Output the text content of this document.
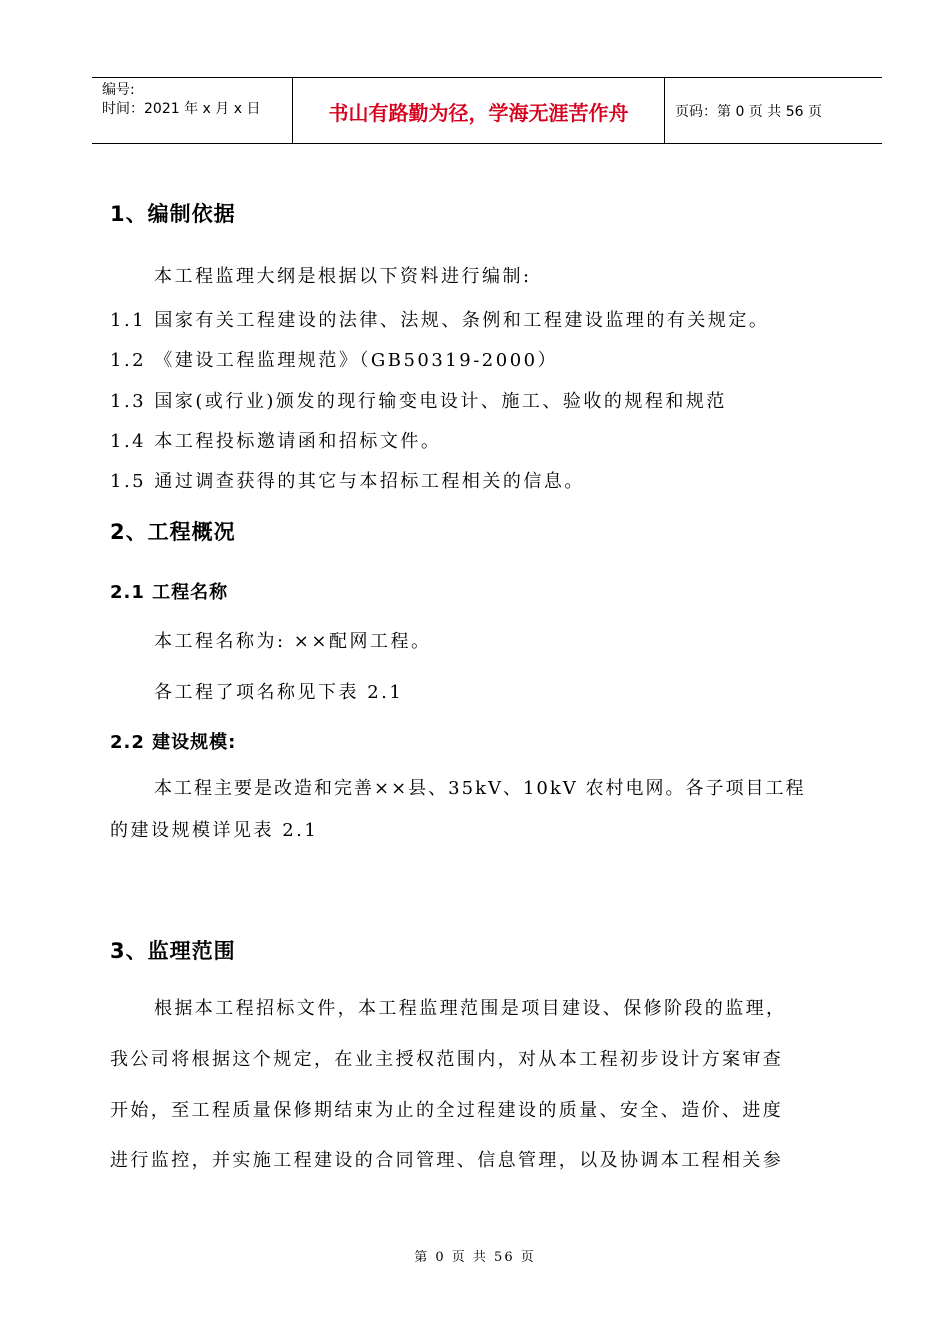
编号:
时间：2021 年 x 月 x 日	书山有路勤为径，学海无涯苦作舟	页码：第 0 页 共 56 页
1、编制依据
本工程监理大纲是根据以下资料进行编制:
1.1 国家有关工程建设的法律、法规、条例和工程建设监理的有关规定。
1.2 《建设工程监理规范》（GB50319-2000）
1.3 国家(或行业)颁发的现行输变电设计、施工、验收的规程和规范
1.4 本工程投标邀请函和招标文件。
1.5 通过调查获得的其它与本招标工程相关的信息。
2、工程概况
2.1 工程名称
本工程名称为: ××配网工程。
各工程了项名称见下表 2.1
2.2 建设规模:
本工程主要是改造和完善××县、35kV、10kV 农村电网。各子项目工程
的建设规模详见表 2.1
3、监理范围
根据本工程招标文件，本工程监理范围是项目建设、保修阶段的监理，
我公司将根据这个规定，在业主授权范围内，对从本工程初步设计方案审查
开始，至工程质量保修期结束为止的全过程建设的质量、安全、造价、进度
进行监控，并实施工程建设的合同管理、信息管理，以及协调本工程相关参
第 0 页 共 56 页
